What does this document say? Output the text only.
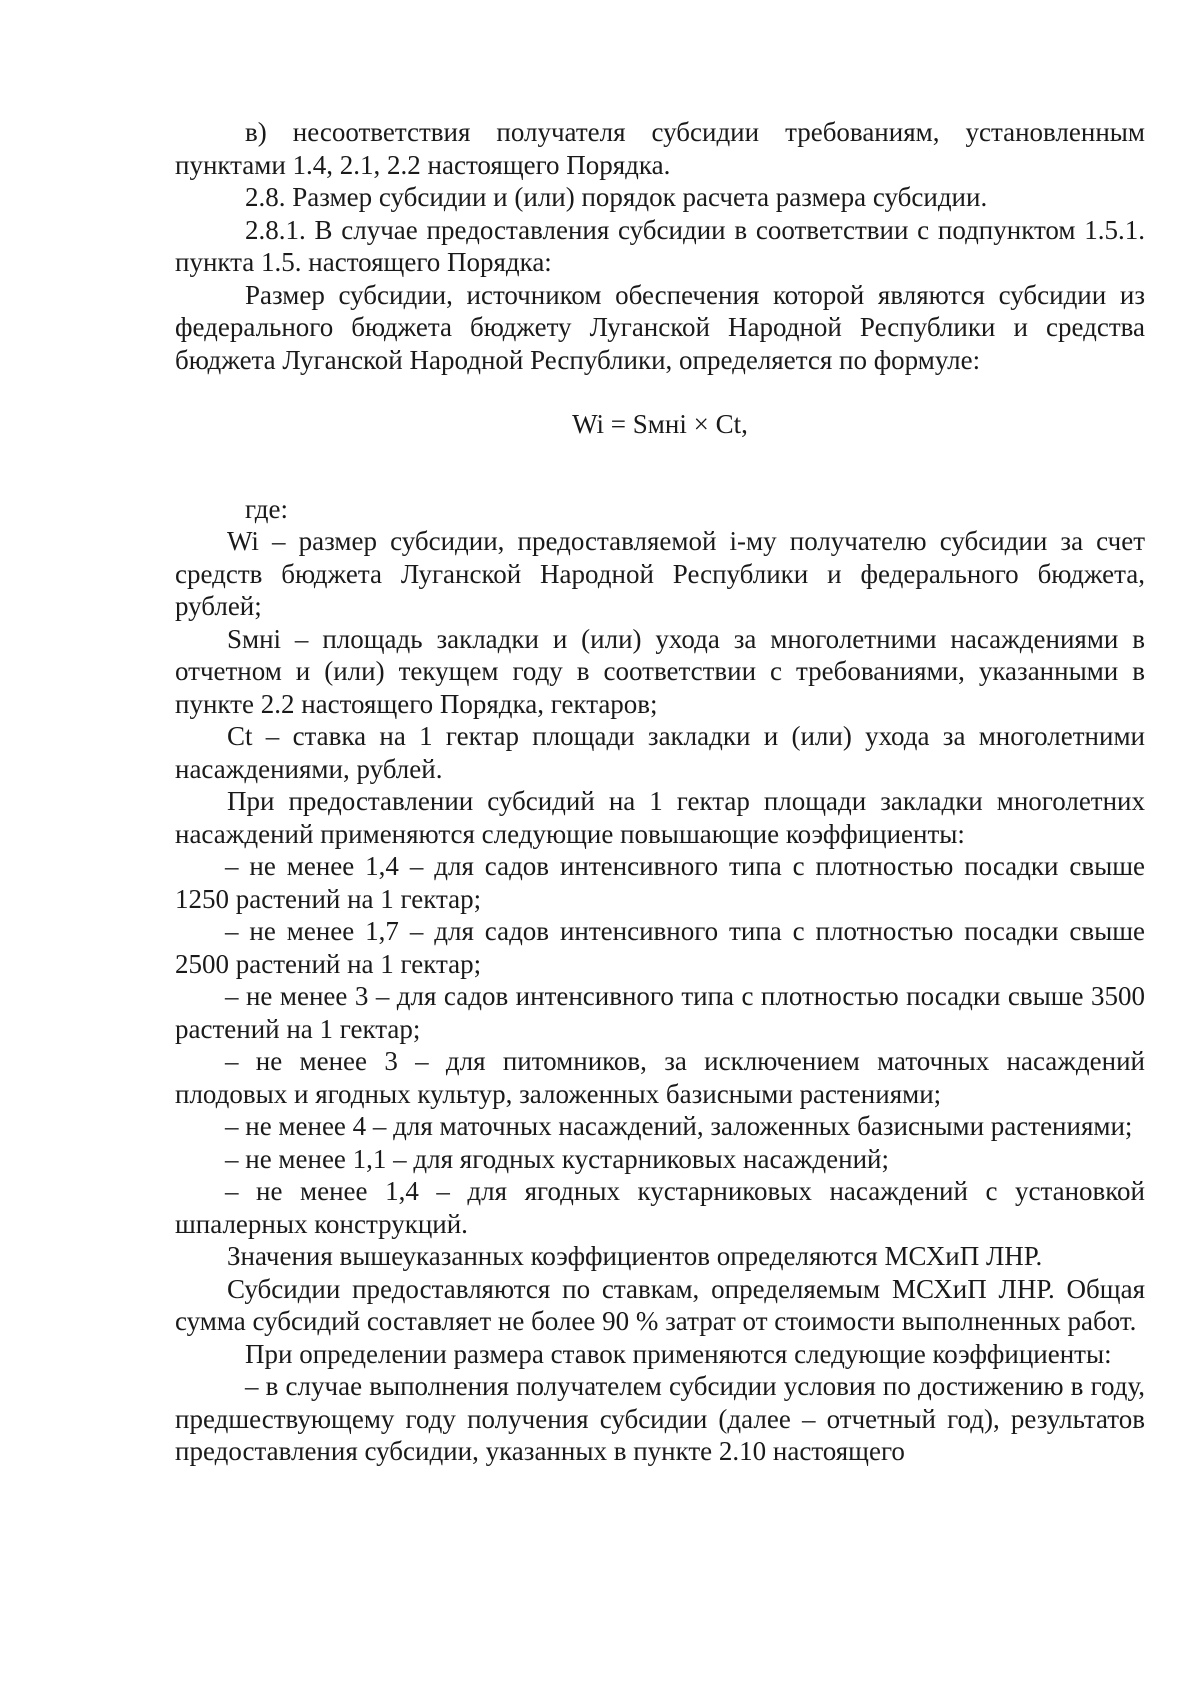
в) несоответствия получателя субсидии требованиям, установленным пунктами 1.4, 2.1, 2.2 настоящего Порядка.

2.8. Размер субсидии и (или) порядок расчета размера субсидии.

2.8.1. В случае предоставления субсидии в соответствии с подпунктом 1.5.1. пункта 1.5. настоящего Порядка:

Размер субсидии, источником обеспечения которой являются субсидии из федерального бюджета бюджету Луганской Народной Республики и средства бюджета Луганской Народной Республики, определяется по формуле:

Wi = Sмнi × Ct,

где:

Wi – размер субсидии, предоставляемой i-му получателю субсидии за счет средств бюджета Луганской Народной Республики и федерального бюджета, рублей;

Sмнi – площадь закладки и (или) ухода за многолетними насаждениями в отчетном и (или) текущем году в соответствии с требованиями, указанными в пункте 2.2 настоящего Порядка, гектаров;

Ct – ставка на 1 гектар площади закладки и (или) ухода за многолетними насаждениями, рублей.

При предоставлении субсидий на 1 гектар площади закладки многолетних насаждений применяются следующие повышающие коэффициенты:

– не менее 1,4 – для садов интенсивного типа с плотностью посадки свыше 1250 растений на 1 гектар;

– не менее 1,7 – для садов интенсивного типа с плотностью посадки свыше 2500 растений на 1 гектар;

– не менее 3 – для садов интенсивного типа с плотностью посадки свыше 3500 растений на 1 гектар;

– не менее 3 – для питомников, за исключением маточных насаждений плодовых и ягодных культур, заложенных базисными растениями;

– не менее 4 – для маточных насаждений, заложенных базисными растениями;

– не менее 1,1 – для ягодных кустарниковых насаждений;

– не менее 1,4 – для ягодных кустарниковых насаждений с установкой шпалерных конструкций.

Значения вышеуказанных коэффициентов определяются МСХиП ЛНР.

Субсидии предоставляются по ставкам, определяемым МСХиП ЛНР. Общая сумма субсидий составляет не более 90 % затрат от стоимости выполненных работ.

При определении размера ставок применяются следующие коэффициенты:

– в случае выполнения получателем субсидии условия по достижению в году, предшествующему году получения субсидии (далее – отчетный год), результатов предоставления субсидии, указанных в пункте 2.10 настоящего
